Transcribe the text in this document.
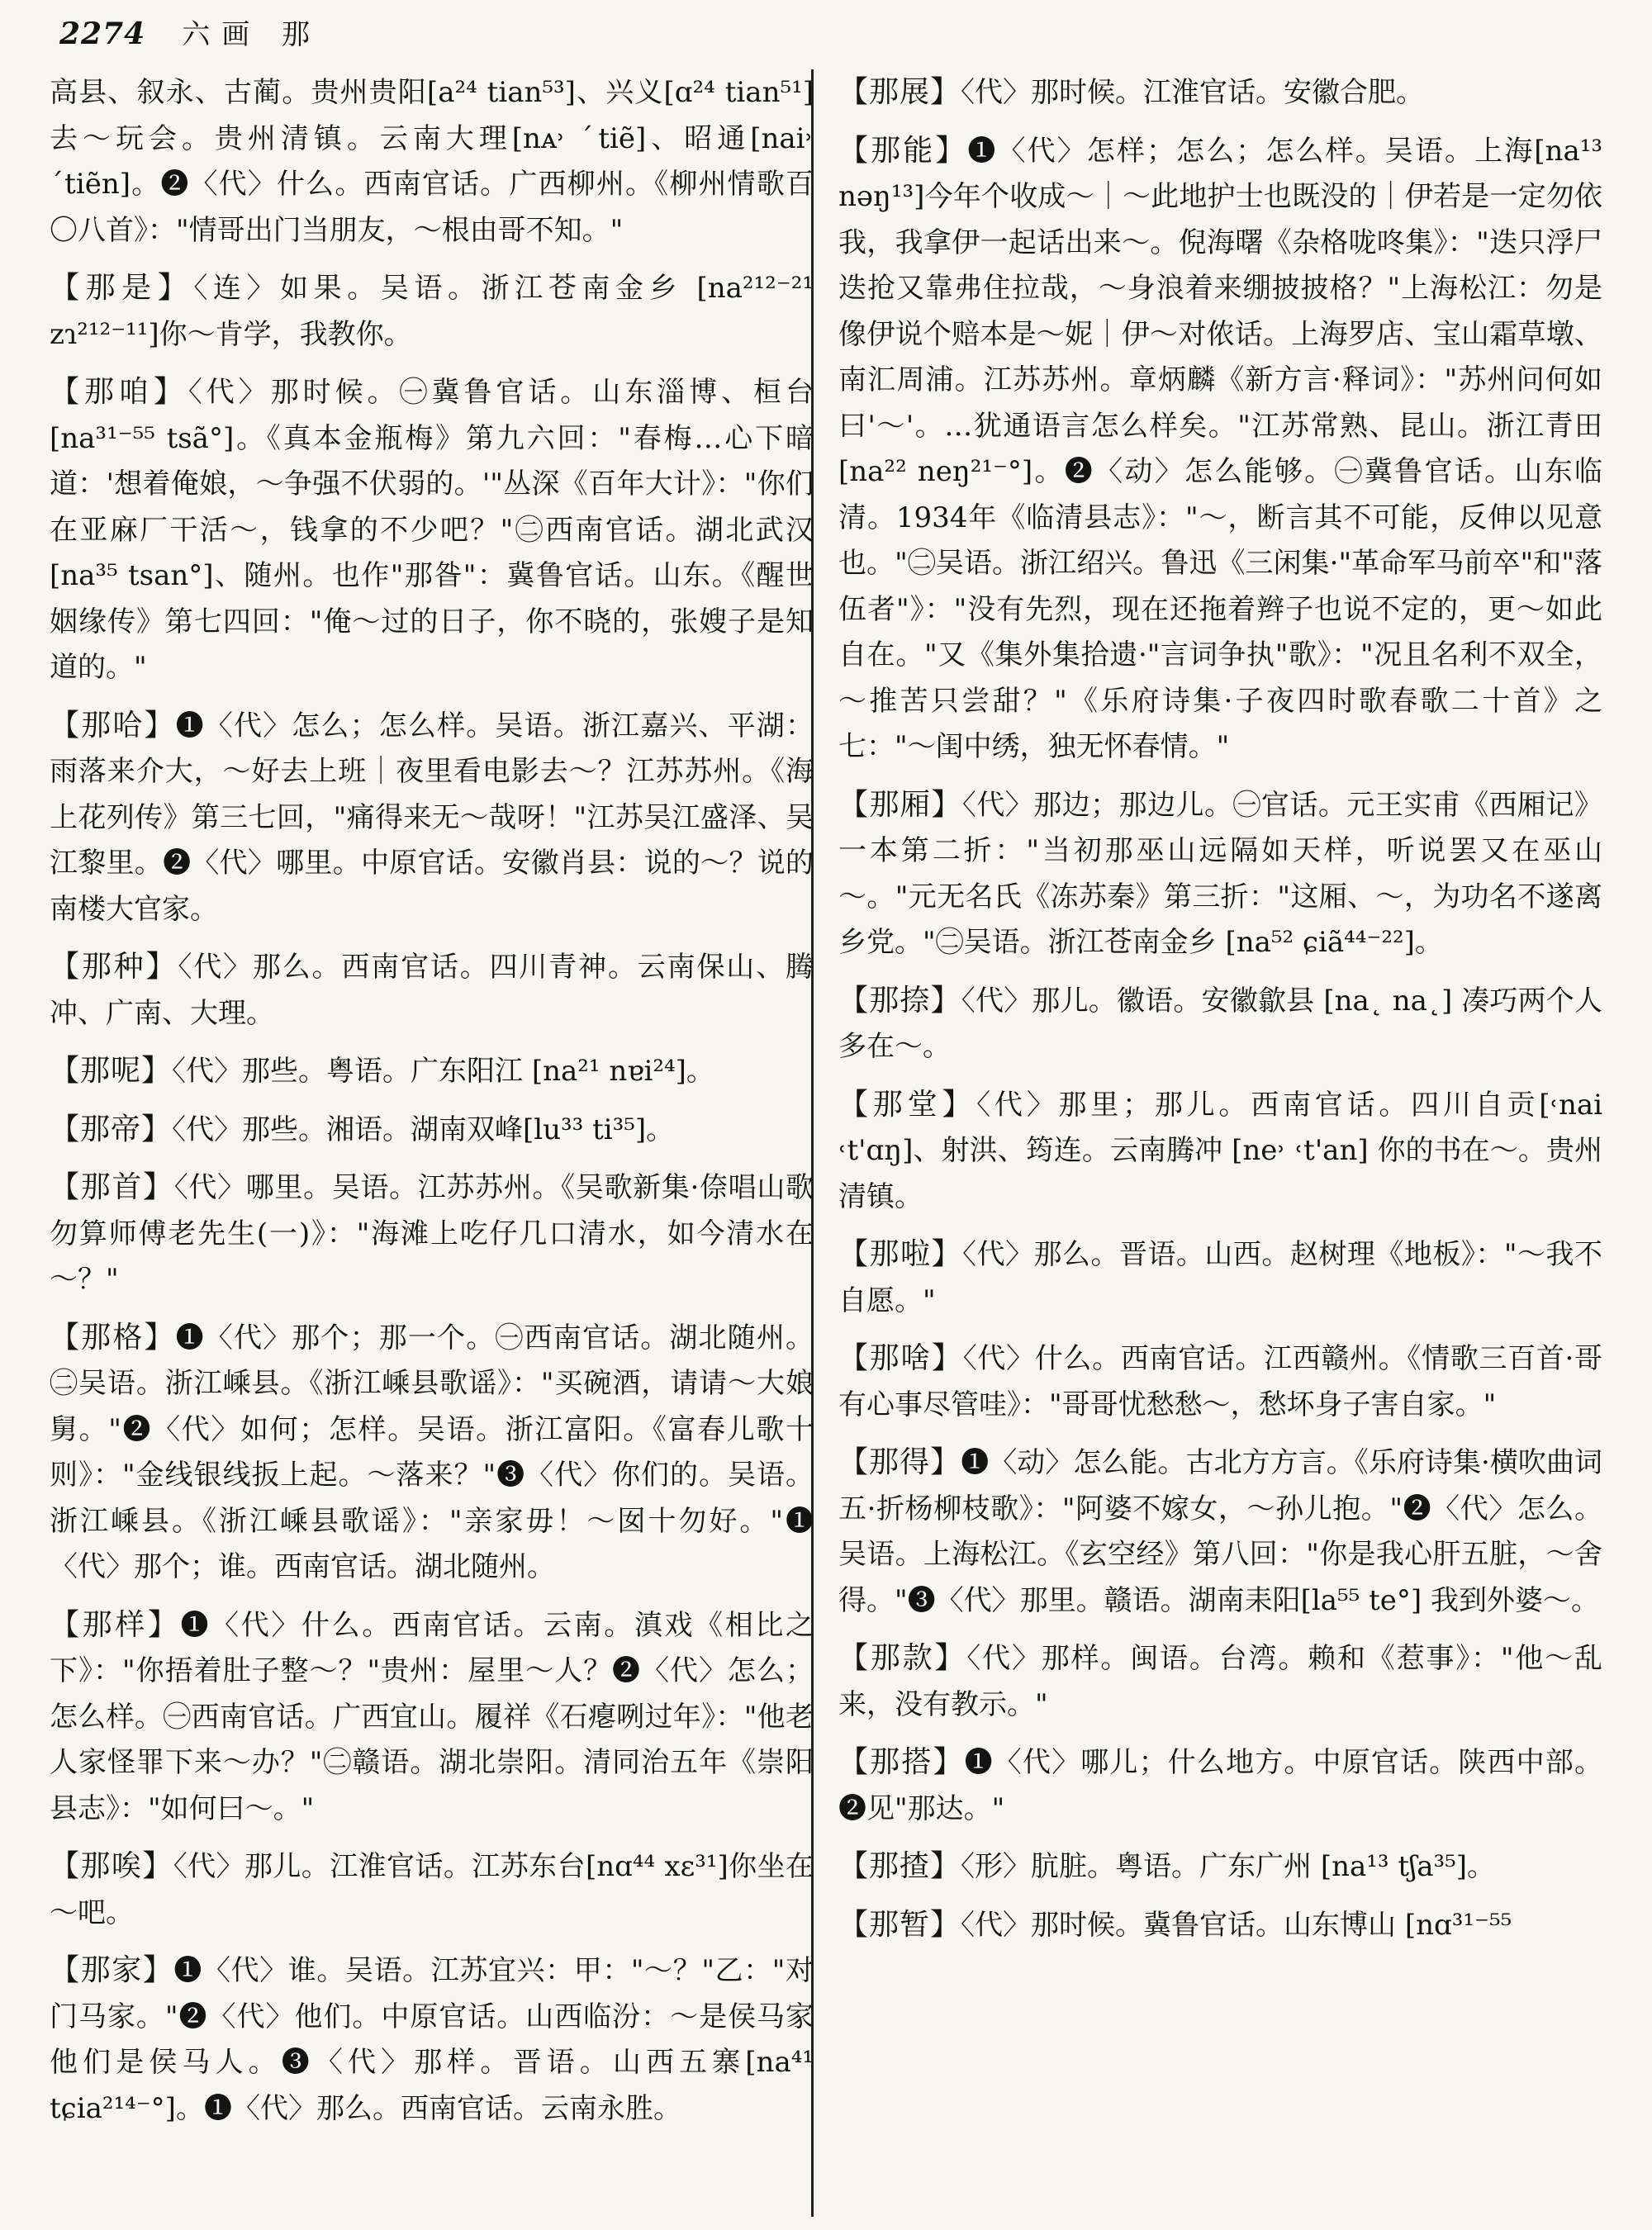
2274 六画 那

高县、叙永、古蔺。贵州贵阳[a²⁴ tian⁵³]、兴义[ɑ²⁴ tian⁵¹]去～玩会。贵州清镇。云南大理[nᴀ˒ ˊtiẽ]、昭通[nai˒ ˊtiẽn]。❷〈代〉什么。西南官话。广西柳州。《柳州情歌百〇八首》："情哥出门当朋友，～根由哥不知。"

【那是】〈连〉如果。吴语。浙江苍南金乡 [na²¹²⁻²¹ zɿ²¹²⁻¹¹]你～肯学，我教你。

【那咱】〈代〉那时候。㊀冀鲁官话。山东淄博、桓台[na³¹⁻⁵⁵ tsã°]。《真本金瓶梅》第九六回："春梅…心下暗道：'想着俺娘，～争强不伏弱的。'"丛深《百年大计》："你们在亚麻厂干活～，钱拿的不少吧？"㊁西南官话。湖北武汉[na³⁵ tsan°]、随州。也作"那昝"：冀鲁官话。山东。《醒世姻缘传》第七四回："俺～过的日子，你不晓的，张嫂子是知道的。"

【那哈】❶〈代〉怎么；怎么样。吴语。浙江嘉兴、平湖：雨落来介大，～好去上班｜夜里看电影去～？江苏苏州。《海上花列传》第三七回，"痛得来无～哉呀！"江苏吴江盛泽、吴江黎里。❷〈代〉哪里。中原官话。安徽肖县：说的～？说的南楼大官家。

【那种】〈代〉那么。西南官话。四川青神。云南保山、腾冲、广南、大理。

【那呢】〈代〉那些。粤语。广东阳江 [na²¹ nɐi²⁴]。

【那帝】〈代〉那些。湘语。湖南双峰[lu³³ ti³⁵]。

【那首】〈代〉哪里。吴语。江苏苏州。《吴歌新集·倷唱山歌勿算师傅老先生(一)》："海滩上吃仔几口清水，如今清水在～？"

【那格】❶〈代〉那个；那一个。㊀西南官话。湖北随州。㊁吴语。浙江嵊县。《浙江嵊县歌谣》："买碗酒，请请～大娘舅。"❷〈代〉如何；怎样。吴语。浙江富阳。《富春儿歌十则》："金线银线扳上起。～落来？"❸〈代〉你们的。吴语。浙江嵊县。《浙江嵊县歌谣》："亲家毋！～囡十勿好。"❶〈代〉那个；谁。西南官话。湖北随州。

【那样】❶〈代〉什么。西南官话。云南。滇戏《相比之下》："你捂着肚子整～？"贵州：屋里～人？❷〈代〉怎么；怎么样。㊀西南官话。广西宜山。履祥《石瘪咧过年》："他老人家怪罪下来～办？"㊁赣语。湖北崇阳。清同治五年《崇阳县志》："如何曰～。"

【那唉】〈代〉那儿。江淮官话。江苏东台[nɑ⁴⁴ xɛ³¹]你坐在～吧。

【那家】❶〈代〉谁。吴语。江苏宜兴：甲："～？"乙："对门马家。"❷〈代〉他们。中原官话。山西临汾：～是侯马家他们是侯马人。❸〈代〉那样。晋语。山西五寨[na⁴¹ tɕia²¹⁴⁻°]。❶〈代〉那么。西南官话。云南永胜。

【那展】〈代〉那时候。江淮官话。安徽合肥。

【那能】❶〈代〉怎样；怎么；怎么样。吴语。上海[na¹³ nəŋ¹³]今年个收成～｜～此地护士也既没的｜伊若是一定勿依我，我拿伊一起话出来～。倪海曙《杂格咙咚集》："迭只浮尸迭抢又靠弗住拉哉，～身浪着来绷披披格？"上海松江：勿是像伊说个赔本是～妮｜伊～对侬话。上海罗店、宝山霜草墩、南汇周浦。江苏苏州。章炳麟《新方言·释词》："苏州问何如曰'～'。…犹通语言怎么样矣。"江苏常熟、昆山。浙江青田[na²² neŋ²¹⁻°]。❷〈动〉怎么能够。㊀冀鲁官话。山东临清。1934年《临清县志》："～，断言其不可能，反伸以见意也。"㊁吴语。浙江绍兴。鲁迅《三闲集·"革命军马前卒"和"落伍者"》："没有先烈，现在还拖着辫子也说不定的，更～如此自在。"又《集外集拾遗·"言词争执"歌》："况且名利不双全，～推苦只尝甜？"《乐府诗集·子夜四时歌春歌二十首》之七："～闺中绣，独无怀春情。"

【那厢】〈代〉那边；那边儿。㊀官话。元王实甫《西厢记》一本第二折："当初那巫山远隔如天样，听说罢又在巫山～。"元无名氏《冻苏秦》第三折："这厢、～，为功名不遂离乡党。"㊁吴语。浙江苍南金乡 [na⁵² ɕiã⁴⁴⁻²²]。

【那捺】〈代〉那儿。徽语。安徽歙县 [na˛ na˛] 凑巧两个人多在～。

【那堂】〈代〉那里；那儿。西南官话。四川自贡[˓nai ˓t'ɑŋ]、射洪、筠连。云南腾冲 [ne˒ ˓t'an] 你的书在～。贵州清镇。

【那啦】〈代〉那么。晋语。山西。赵树理《地板》："～我不自愿。"

【那啥】〈代〉什么。西南官话。江西赣州。《情歌三百首·哥有心事尽管哇》："哥哥忧愁愁～，愁坏身子害自家。"

【那得】❶〈动〉怎么能。古北方方言。《乐府诗集·横吹曲词五·折杨柳枝歌》："阿婆不嫁女，～孙儿抱。"❷〈代〉怎么。吴语。上海松江。《玄空经》第八回："你是我心肝五脏，～舍得。"❸〈代〉那里。赣语。湖南耒阳[la⁵⁵ te°] 我到外婆～。

【那款】〈代〉那样。闽语。台湾。赖和《惹事》："他～乱来，没有教示。"

【那搭】❶〈代〉哪儿；什么地方。中原官话。陕西中部。❷见"那达。"

【那揸】〈形〉肮脏。粤语。广东广州 [na¹³ tʃa³⁵]。

【那暂】〈代〉那时候。冀鲁官话。山东博山 [nɑ³¹⁻⁵⁵
